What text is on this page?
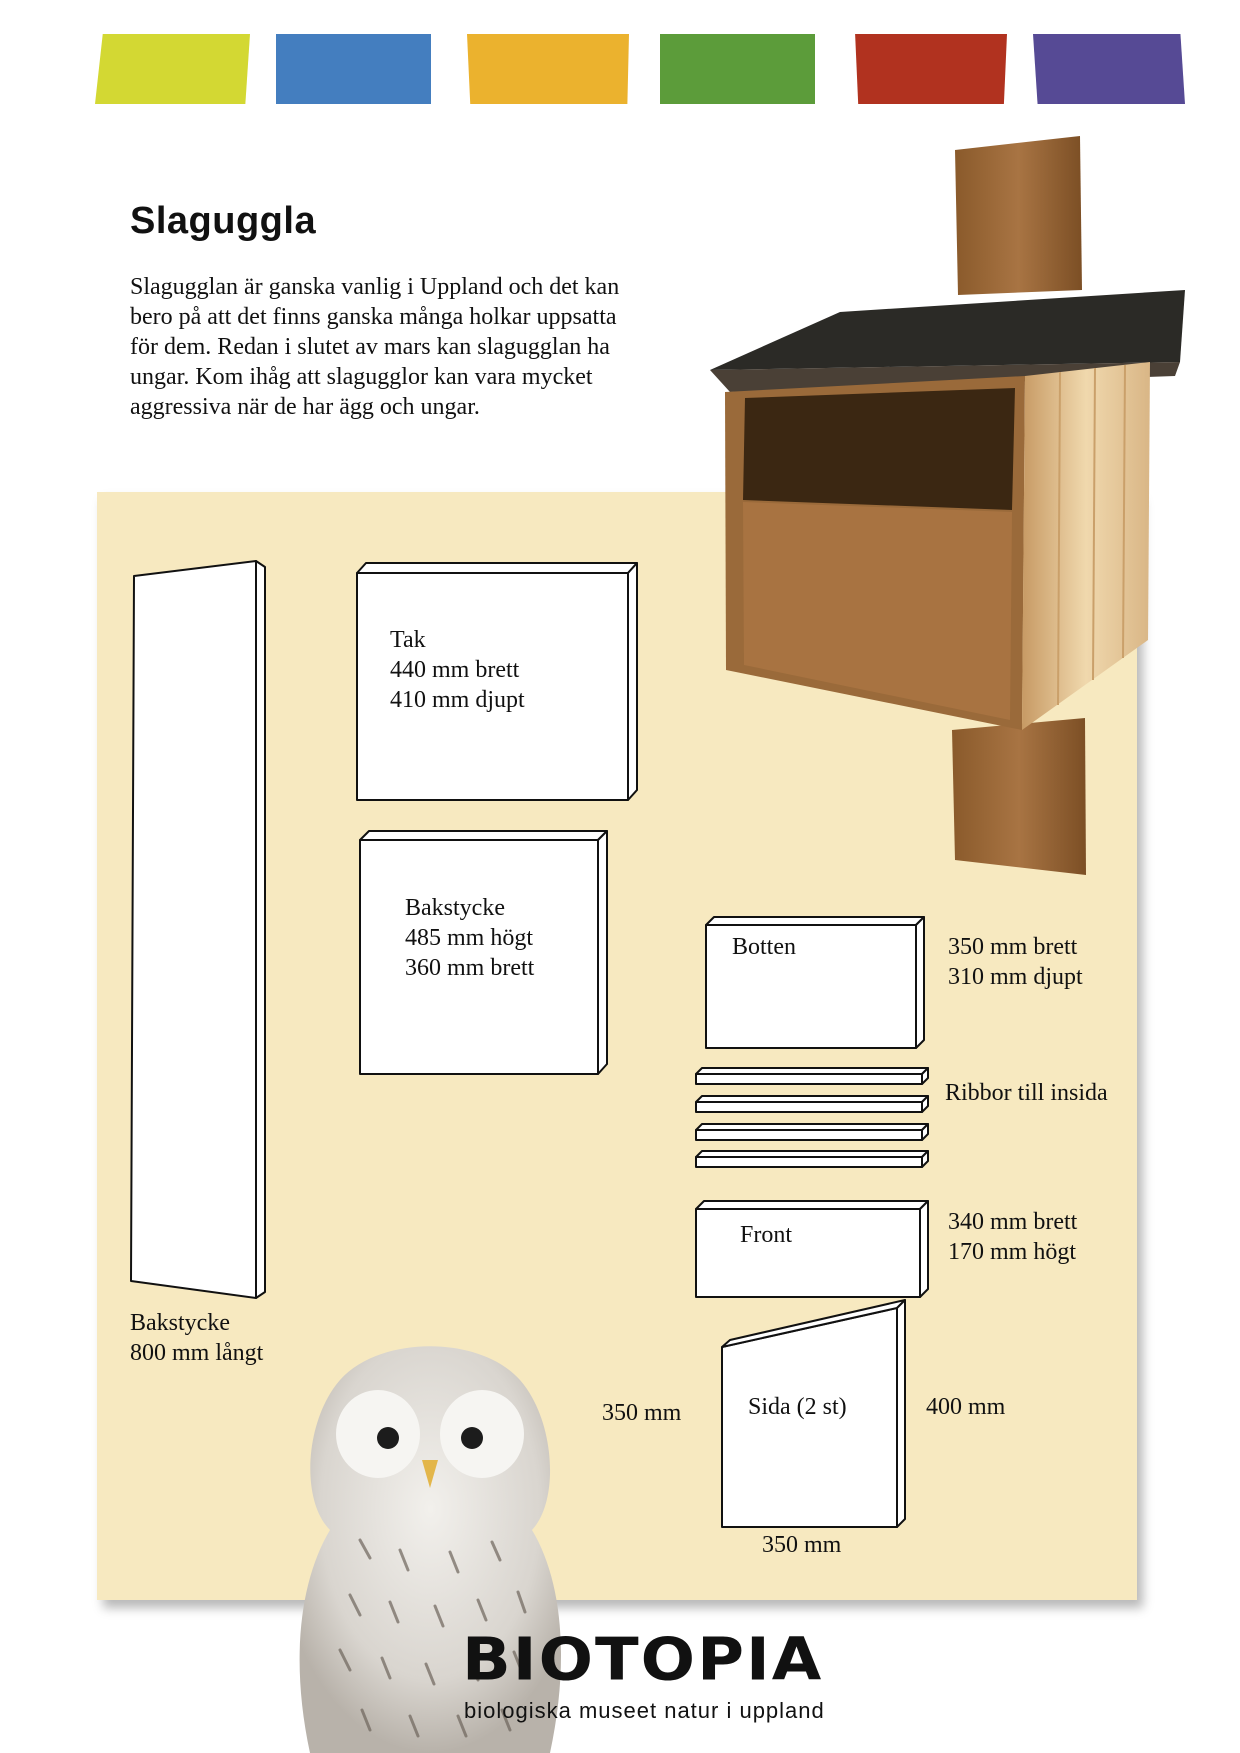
Slaguggla

Slagugglan är ganska vanlig i Uppland och det kan bero på att det finns ganska många holkar uppsatta för dem. Redan i slutet av mars kan slagugglan ha ungar. Kom ihåg att slagugglor kan vara mycket aggressiva när de har ägg och ungar.

Tak
440 mm brett
410 mm djupt
Bakstycke
485 mm högt
360 mm brett
Bakstycke
800 mm långt
Botten	350 mm brett
310 mm djupt
Ribbor till insida
Front	340 mm brett
170 mm högt
Sida (2 st)
350 mm	400 mm
350 mm

BIOTOPIA

biologiska museet natur i uppland
